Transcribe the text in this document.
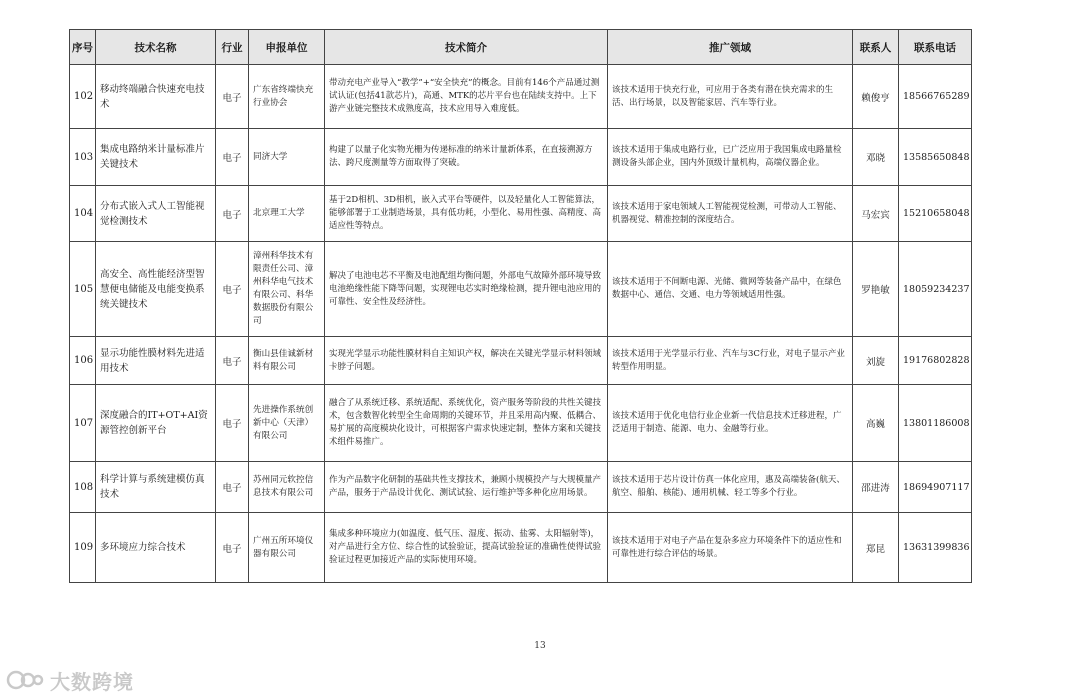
序号	技术名称	行业	申报单位	技术简介	推广领域	联系人	联系电话
102	移动终端融合快速充电技术	电子	广东省终端快充行业协会	带动充电产业导入“教学”+“安全快充”的概念。目前有146个产品通过测试认证(包括41款芯片)，高通、MTK的芯片平台也在陆续支持中。上下游产业链完整技术成熟度高，技术应用导入难度低。	该技术适用于快充行业，可应用于各类有潜在快充需求的生活、出行场景，以及智能家居、汽车等行业。	赖俊亨	18566765289
103	集成电路纳米计量标准片关键技术	电子	同济大学	构建了以量子化实物光栅为传递标准的纳米计量新体系，在直接溯源方法、跨尺度测量等方面取得了突破。	该技术适用于集成电路行业，已广泛应用于我国集成电路量检测设备头部企业，国内外顶级计量机构，高端仪器企业。	邓晓	13585650848
104	分布式嵌入式人工智能视觉检测技术	电子	北京理工大学	基于2D相机、3D相机，嵌入式平台等硬件，以及轻量化人工智能算法，能够部署于工业制造场景，具有低功耗，小型化、易用性强、高精度、高适应性等特点。	该技术适用于家电领域人工智能视觉检测，可带动人工智能、机器视觉、精准控制的深度结合。	马宏宾	15210658048
105	高安全、高性能经济型智慧便电储能及电能变换系统关键技术	电子	漳州科华技术有限责任公司、漳州科华电气技术有限公司、科华数据股份有限公司	解决了电池电芯不平衡及电池配组均衡问题，外部电气故障外部环境导致电池绝缘性能下降等问题，实现锂电芯实时绝缘检测，提升锂电池应用的可靠性、安全性及经济性。	该技术适用于不间断电源、光储、微网等装备产品中，在绿色数据中心、通信、交通、电力等领域适用性强。	罗艳敏	18059234237
106	显示功能性膜材料先进适用技术	电子	衡山县佳诚新材料有限公司	实现光学显示功能性膜材料自主知识产权，解决在关键光学显示材料领域卡脖子问题。	该技术适用于光学显示行业、汽车与3C行业，对电子显示产业转型作用明显。	刘旋	19176802828
107	深度融合的IT+OT+AI资源管控创新平台	电子	先进操作系统创新中心（天津）有限公司	融合了从系统迁移、系统适配、系统优化，资产服务等阶段的共性关键技术，包含数智化转型全生命周期的关键环节，并且采用高内聚、低耦合、易扩展的高度模块化设计，可根据客户需求快速定制，整体方案和关键技术组件易推广。	该技术适用于优化电信行业企业新一代信息技术迁移进程，广泛适用于制造、能源、电力、金融等行业。	高巍	13801186008
108	科学计算与系统建模仿真技术	电子	苏州同元软控信息技术有限公司	作为产品数字化研制的基础共性支撑技术，兼顾小规模投产与大规模量产产品，服务于产品设计优化、测试试验、运行维护等多种化应用场景。	该技术适用于芯片设计仿真一体化应用，惠及高端装备(航天、航空、船舶、核能)、通用机械、轻工等多个行业。	邵进涛	18694907117
109	多环境应力综合技术	电子	广州五所环境仪器有限公司	集成多种环境应力(如温度、低气压、湿度、振动、盐雾、太阳辐射等)，对产品进行全方位、综合性的试验验证，提高试验验证的准确性使得试验验证过程更加接近产品的实际使用环境。	该技术适用于对电子产品在复杂多应力环境条件下的适应性和可靠性进行综合评估的场景。	郑昆	13631399836
13
大数跨境
